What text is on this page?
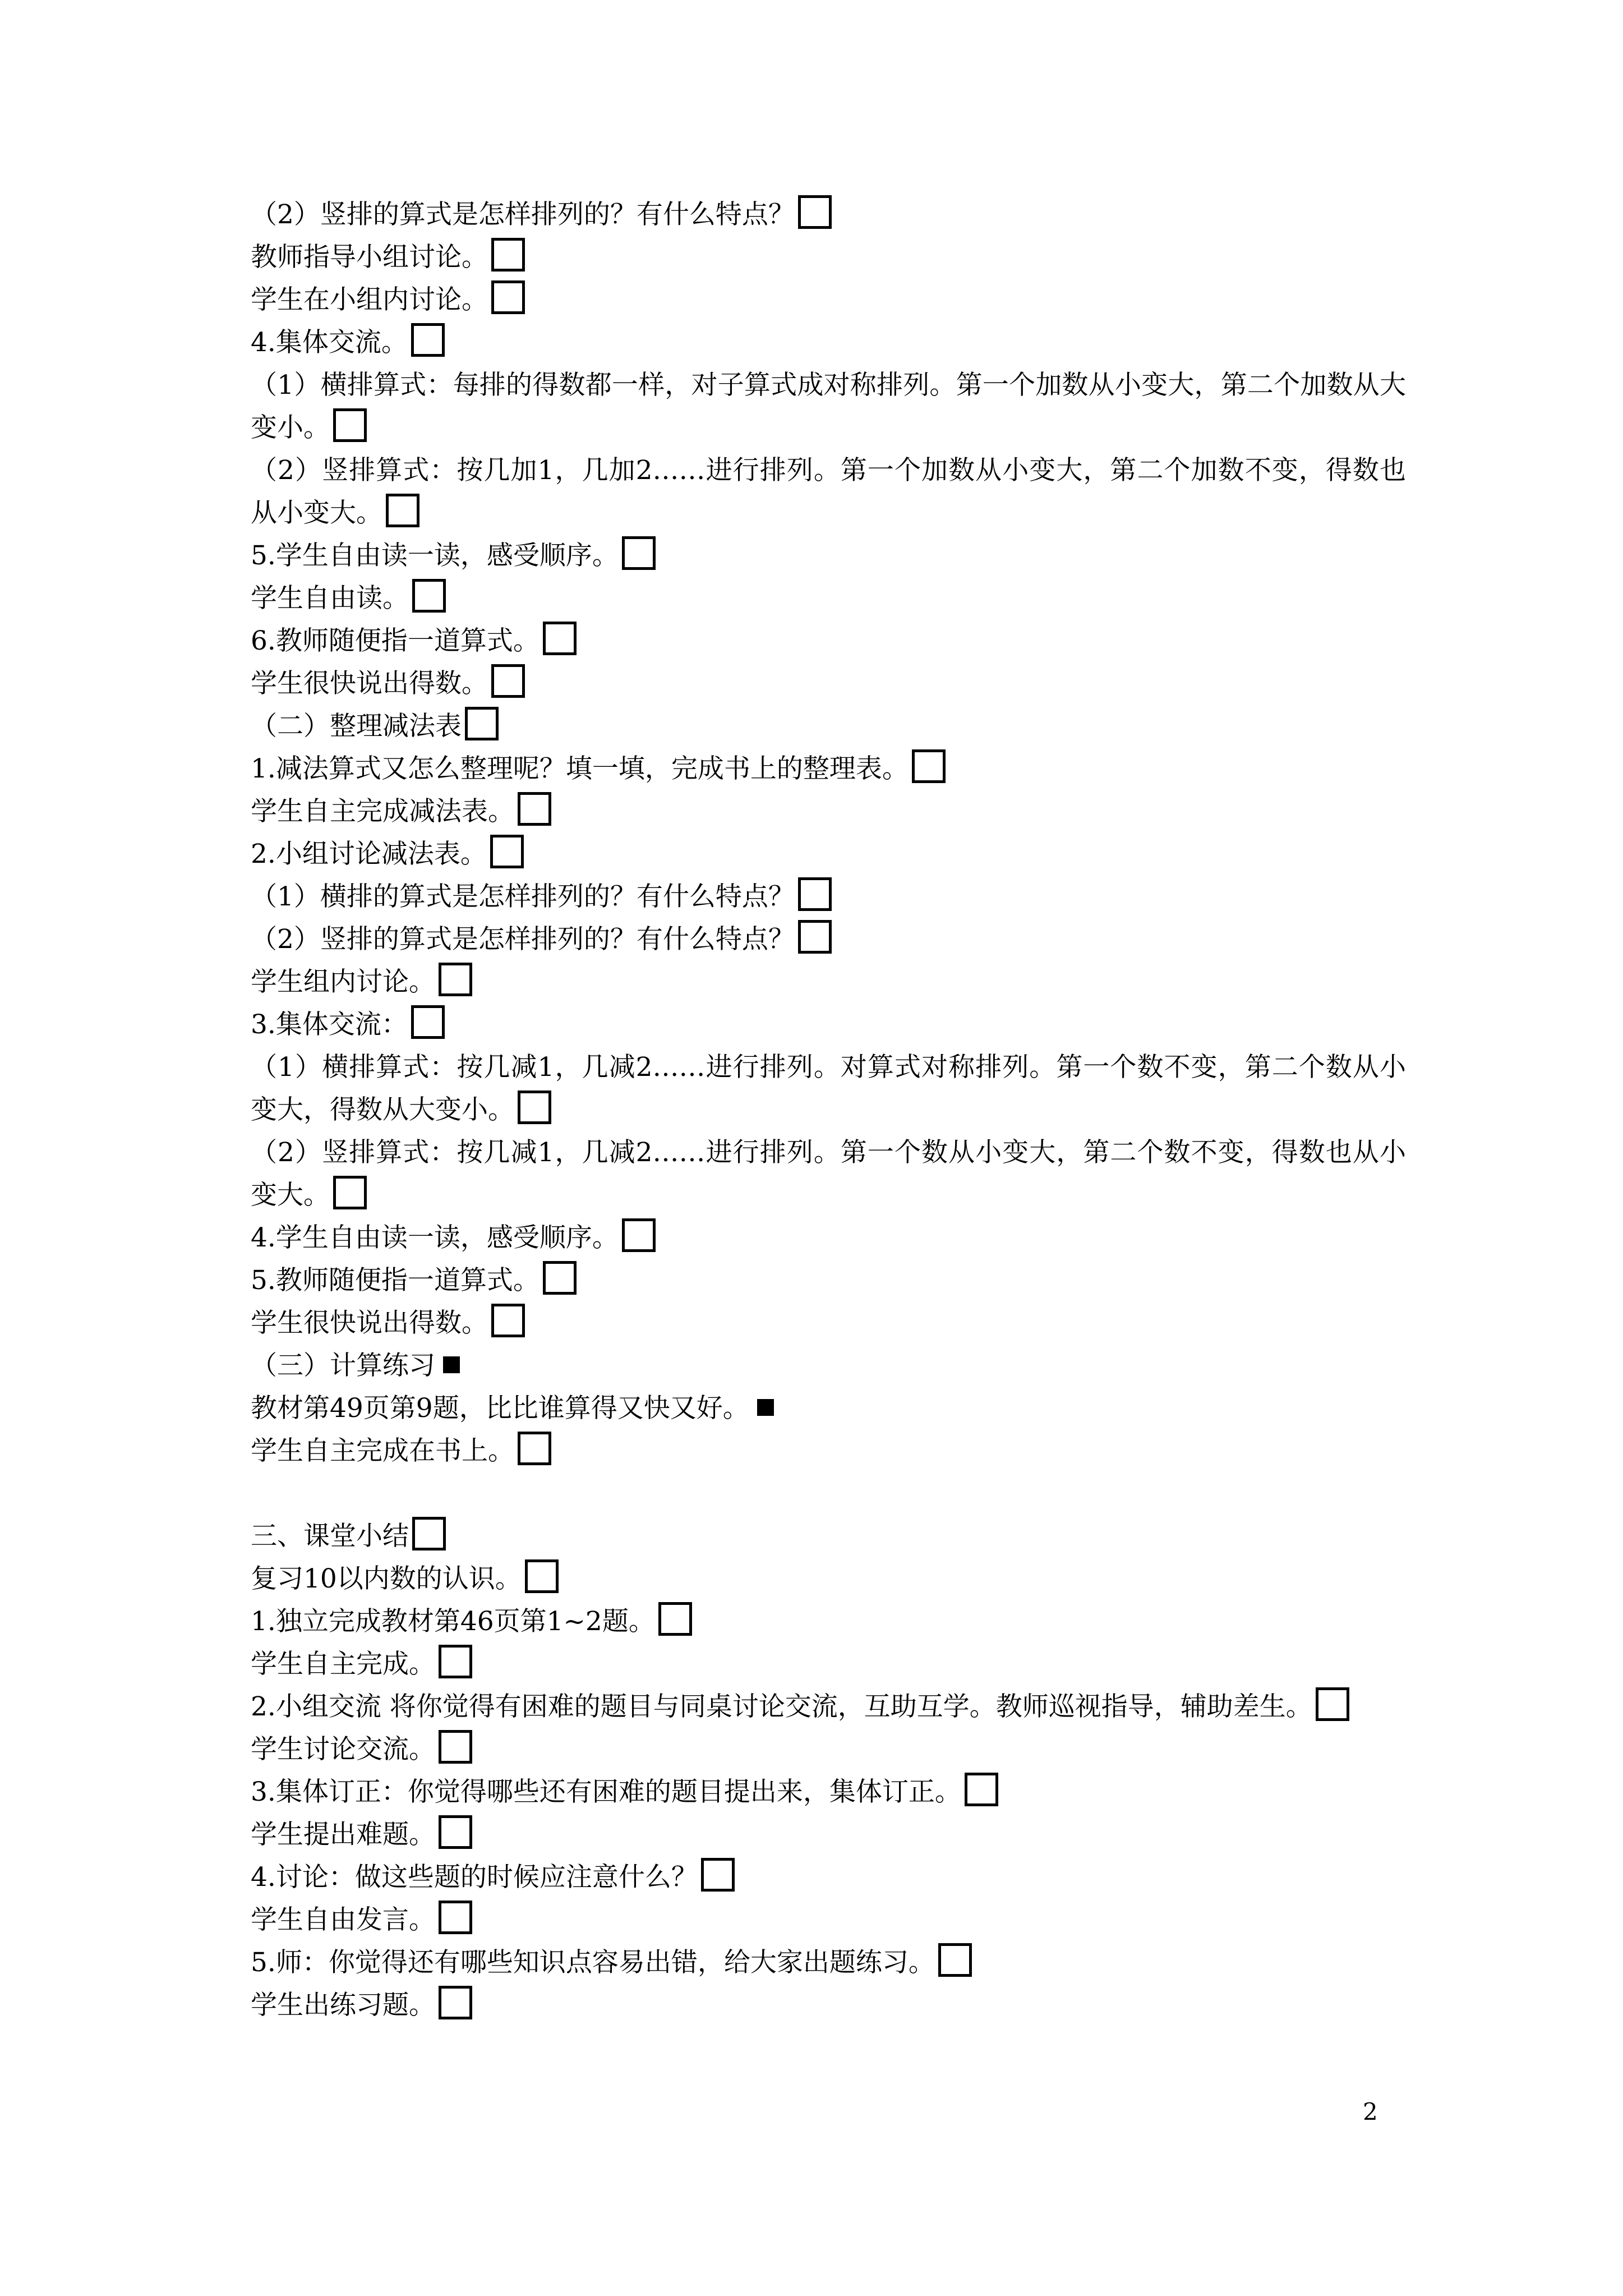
（2）竖排的算式是怎样排列的？有什么特点？
教师指导小组讨论。
学生在小组内讨论。
4.集体交流。
（1）横排算式：每排的得数都一样，对子算式成对称排列。第一个加数从小变大，第二个加数从大变小。
（2）竖排算式：按几加1，几加2……进行排列。第一个加数从小变大，第二个加数不变，得数也从小变大。
5.学生自由读一读，感受顺序。
学生自由读。
6.教师随便指一道算式。
学生很快说出得数。
（二）整理减法表
1.减法算式又怎么整理呢？填一填，完成书上的整理表。
学生自主完成减法表。
2.小组讨论减法表。
（1）横排的算式是怎样排列的？有什么特点？
（2）竖排的算式是怎样排列的？有什么特点？
学生组内讨论。
3.集体交流：
（1）横排算式：按几减1，几减2……进行排列。对算式对称排列。第一个数不变，第二个数从小变大，得数从大变小。
（2）竖排算式：按几减1，几减2……进行排列。第一个数从小变大，第二个数不变，得数也从小变大。
4.学生自由读一读，感受顺序。
5.教师随便指一道算式。
学生很快说出得数。
（三）计算练习
教材第49页第9题，比比谁算得又快又好。
学生自主完成在书上。
三、课堂小结
复习10以内数的认识。
1.独立完成教材第46页第1~2题。
学生自主完成。
2.小组交流 将你觉得有困难的题目与同桌讨论交流，互助互学。教师巡视指导，辅助差生。
学生讨论交流。
3.集体订正：你觉得哪些还有困难的题目提出来，集体订正。
学生提出难题。
4.讨论：做这些题的时候应注意什么？
学生自由发言。
5.师：你觉得还有哪些知识点容易出错，给大家出题练习。
学生出练习题。
2
